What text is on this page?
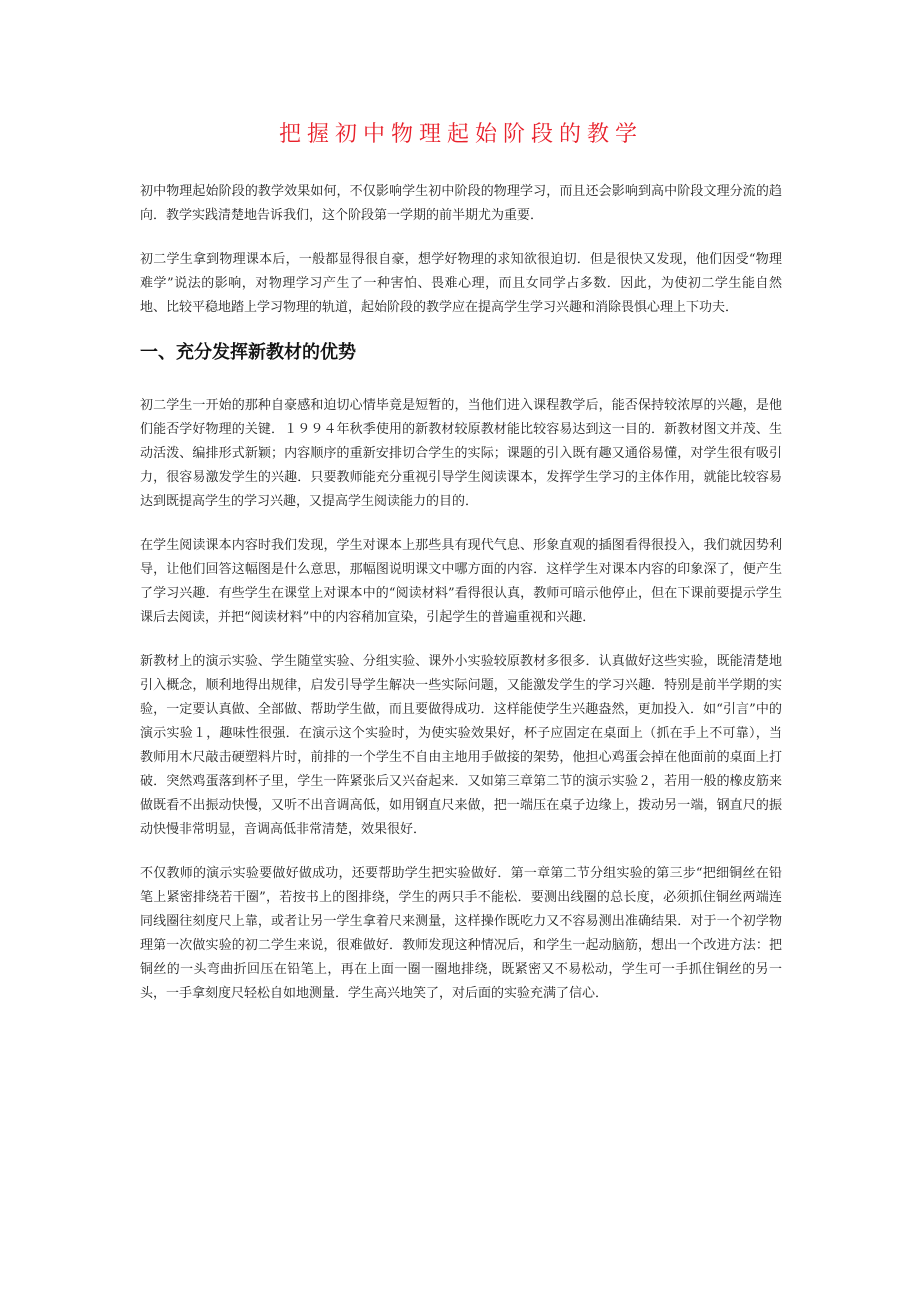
把握初中物理起始阶段的教学

初中物理起始阶段的教学效果如何，不仅影响学生初中阶段的物理学习，而且还会影响到高中阶段文理分流的趋向．教学实践清楚地告诉我们，这个阶段第一学期的前半期尤为重要．

初二学生拿到物理课本后，一般都显得很自豪，想学好物理的求知欲很迫切．但是很快又发现，他们因受“物理难学”说法的影响，对物理学习产生了一种害怕、畏难心理，而且女同学占多数．因此，为使初二学生能自然地、比较平稳地踏上学习物理的轨道，起始阶段的教学应在提高学生学习兴趣和消除畏惧心理上下功夫．

一、充分发挥新教材的优势

初二学生一开始的那种自豪感和迫切心情毕竟是短暂的，当他们进入课程教学后，能否保持较浓厚的兴趣，是他们能否学好物理的关键．１９９４年秋季使用的新教材较原教材能比较容易达到这一目的．新教材图文并茂、生动活泼、编排形式新颖；内容顺序的重新安排切合学生的实际；课题的引入既有趣又通俗易懂，对学生很有吸引力，很容易激发学生的兴趣．只要教师能充分重视引导学生阅读课本，发挥学生学习的主体作用，就能比较容易达到既提高学生的学习兴趣，又提高学生阅读能力的目的．

在学生阅读课本内容时我们发现，学生对课本上那些具有现代气息、形象直观的插图看得很投入，我们就因势利导，让他们回答这幅图是什么意思，那幅图说明课文中哪方面的内容．这样学生对课本内容的印象深了，便产生了学习兴趣．有些学生在课堂上对课本中的“阅读材料”看得很认真，教师可暗示他停止，但在下课前要提示学生课后去阅读，并把“阅读材料”中的内容稍加宣染，引起学生的普遍重视和兴趣．

新教材上的演示实验、学生随堂实验、分组实验、课外小实验较原教材多很多．认真做好这些实验，既能清楚地引入概念，顺利地得出规律，启发引导学生解决一些实际问题，又能激发学生的学习兴趣．特别是前半学期的实验，一定要认真做、全部做、帮助学生做，而且要做得成功．这样能使学生兴趣盎然，更加投入．如“引言”中的演示实验１，趣味性很强．在演示这个实验时，为使实验效果好，杯子应固定在桌面上（抓在手上不可靠），当教师用木尺敲击硬塑料片时，前排的一个学生不自由主地用手做接的架势，他担心鸡蛋会掉在他面前的桌面上打破．突然鸡蛋落到杯子里，学生一阵紧张后又兴奋起来．又如第三章第二节的演示实验２，若用一般的橡皮筋来做既看不出振动快慢，又听不出音调高低，如用钢直尺来做，把一端压在桌子边缘上，拨动另一端，钢直尺的振动快慢非常明显，音调高低非常清楚，效果很好．

不仅教师的演示实验要做好做成功，还要帮助学生把实验做好．第一章第二节分组实验的第三步“把细铜丝在铅笔上紧密排绕若干圈”，若按书上的图排绕，学生的两只手不能松．要测出线圈的总长度，必须抓住铜丝两端连同线圈往刻度尺上靠，或者让另一学生拿着尺来测量，这样操作既吃力又不容易测出准确结果．对于一个初学物理第一次做实验的初二学生来说，很难做好．教师发现这种情况后，和学生一起动脑筋，想出一个改进方法：把铜丝的一头弯曲折回压在铅笔上，再在上面一圈一圈地排绕，既紧密又不易松动，学生可一手抓住铜丝的另一头，一手拿刻度尺轻松自如地测量．学生高兴地笑了，对后面的实验充满了信心．
